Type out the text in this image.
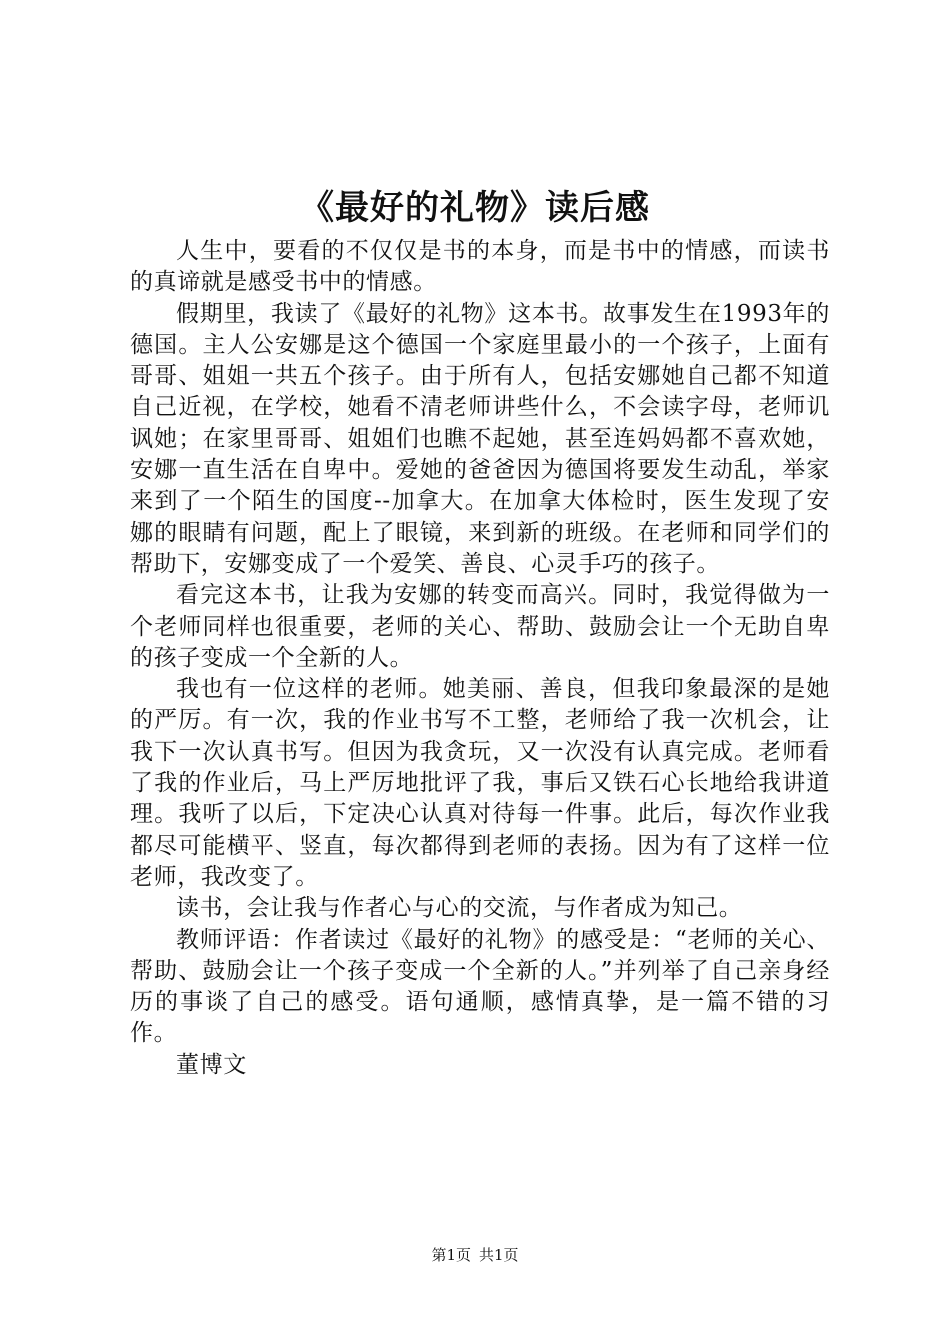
《最好的礼物》读后感

人生中，要看的不仅仅是书的本身，而是书中的情感，而读书的真谛就是感受书中的情感。

假期里，我读了《最好的礼物》这本书。故事发生在1993年的德国。主人公安娜是这个德国一个家庭里最小的一个孩子，上面有哥哥、姐姐一共五个孩子。由于所有人，包括安娜她自己都不知道自己近视，在学校，她看不清老师讲些什么，不会读字母，老师讥讽她；在家里哥哥、姐姐们也瞧不起她，甚至连妈妈都不喜欢她，安娜一直生活在自卑中。爱她的爸爸因为德国将要发生动乱，举家来到了一个陌生的国度--加拿大。在加拿大体检时，医生发现了安娜的眼睛有问题，配上了眼镜，来到新的班级。在老师和同学们的帮助下，安娜变成了一个爱笑、善良、心灵手巧的孩子。

看完这本书，让我为安娜的转变而高兴。同时，我觉得做为一个老师同样也很重要，老师的关心、帮助、鼓励会让一个无助自卑的孩子变成一个全新的人。

我也有一位这样的老师。她美丽、善良，但我印象最深的是她的严厉。有一次，我的作业书写不工整，老师给了我一次机会，让我下一次认真书写。但因为我贪玩，又一次没有认真完成。老师看了我的作业后，马上严厉地批评了我，事后又铁石心长地给我讲道理。我听了以后，下定决心认真对待每一件事。此后，每次作业我都尽可能横平、竖直，每次都得到老师的表扬。因为有了这样一位老师，我改变了。

读书，会让我与作者心与心的交流，与作者成为知己。

教师评语：作者读过《最好的礼物》的感受是：“老师的关心、帮助、鼓励会让一个孩子变成一个全新的人。”并列举了自己亲身经历的事谈了自己的感受。语句通顺，感情真挚，是一篇不错的习作。

董博文

第1页 共1页
